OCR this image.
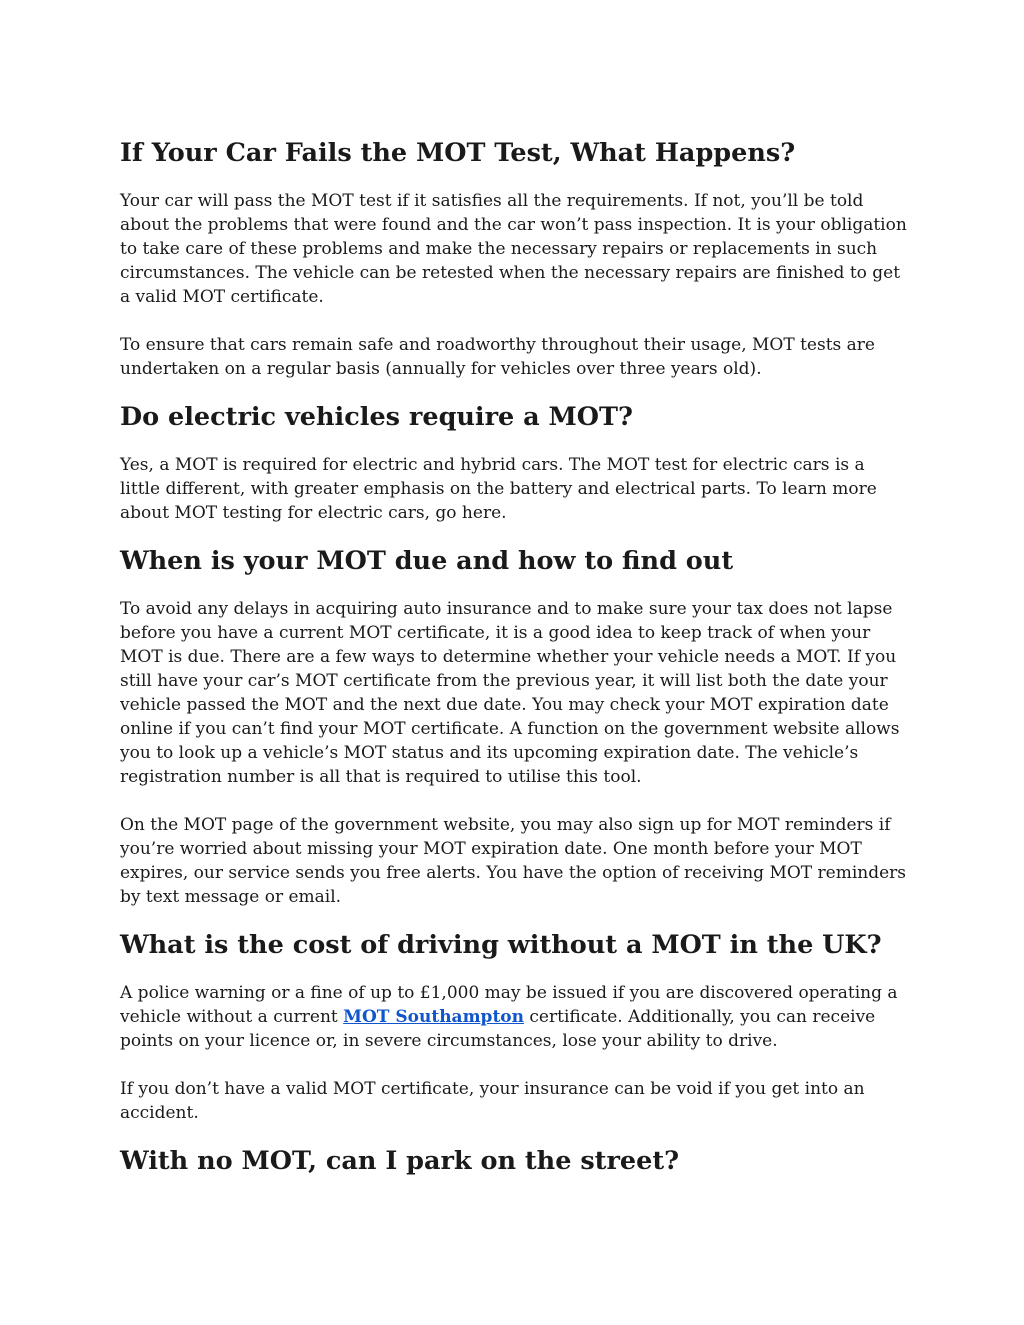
If Your Car Fails the MOT Test, What Happens?

Your car will pass the MOT test if it satisfies all the requirements. If not, you’ll be told about the problems that were found and the car won’t pass inspection. It is your obligation to take care of these problems and make the necessary repairs or replacements in such circumstances. The vehicle can be retested when the necessary repairs are finished to get a valid MOT certificate.

To ensure that cars remain safe and roadworthy throughout their usage, MOT tests are undertaken on a regular basis (annually for vehicles over three years old).

Do electric vehicles require a MOT?

Yes, a MOT is required for electric and hybrid cars. The MOT test for electric cars is a little different, with greater emphasis on the battery and electrical parts. To learn more about MOT testing for electric cars, go here.

When is your MOT due and how to find out

To avoid any delays in acquiring auto insurance and to make sure your tax does not lapse before you have a current MOT certificate, it is a good idea to keep track of when your MOT is due. There are a few ways to determine whether your vehicle needs a MOT. If you still have your car’s MOT certificate from the previous year, it will list both the date your vehicle passed the MOT and the next due date. You may check your MOT expiration date online if you can’t find your MOT certificate. A function on the government website allows you to look up a vehicle’s MOT status and its upcoming expiration date. The vehicle’s registration number is all that is required to utilise this tool.

On the MOT page of the government website, you may also sign up for MOT reminders if you’re worried about missing your MOT expiration date. One month before your MOT expires, our service sends you free alerts. You have the option of receiving MOT reminders by text message or email.

What is the cost of driving without a MOT in the UK?

A police warning or a fine of up to £1,000 may be issued if you are discovered operating a vehicle without a current MOT Southampton certificate. Additionally, you can receive points on your licence or, in severe circumstances, lose your ability to drive.

If you don’t have a valid MOT certificate, your insurance can be void if you get into an accident.

With no MOT, can I park on the street?
